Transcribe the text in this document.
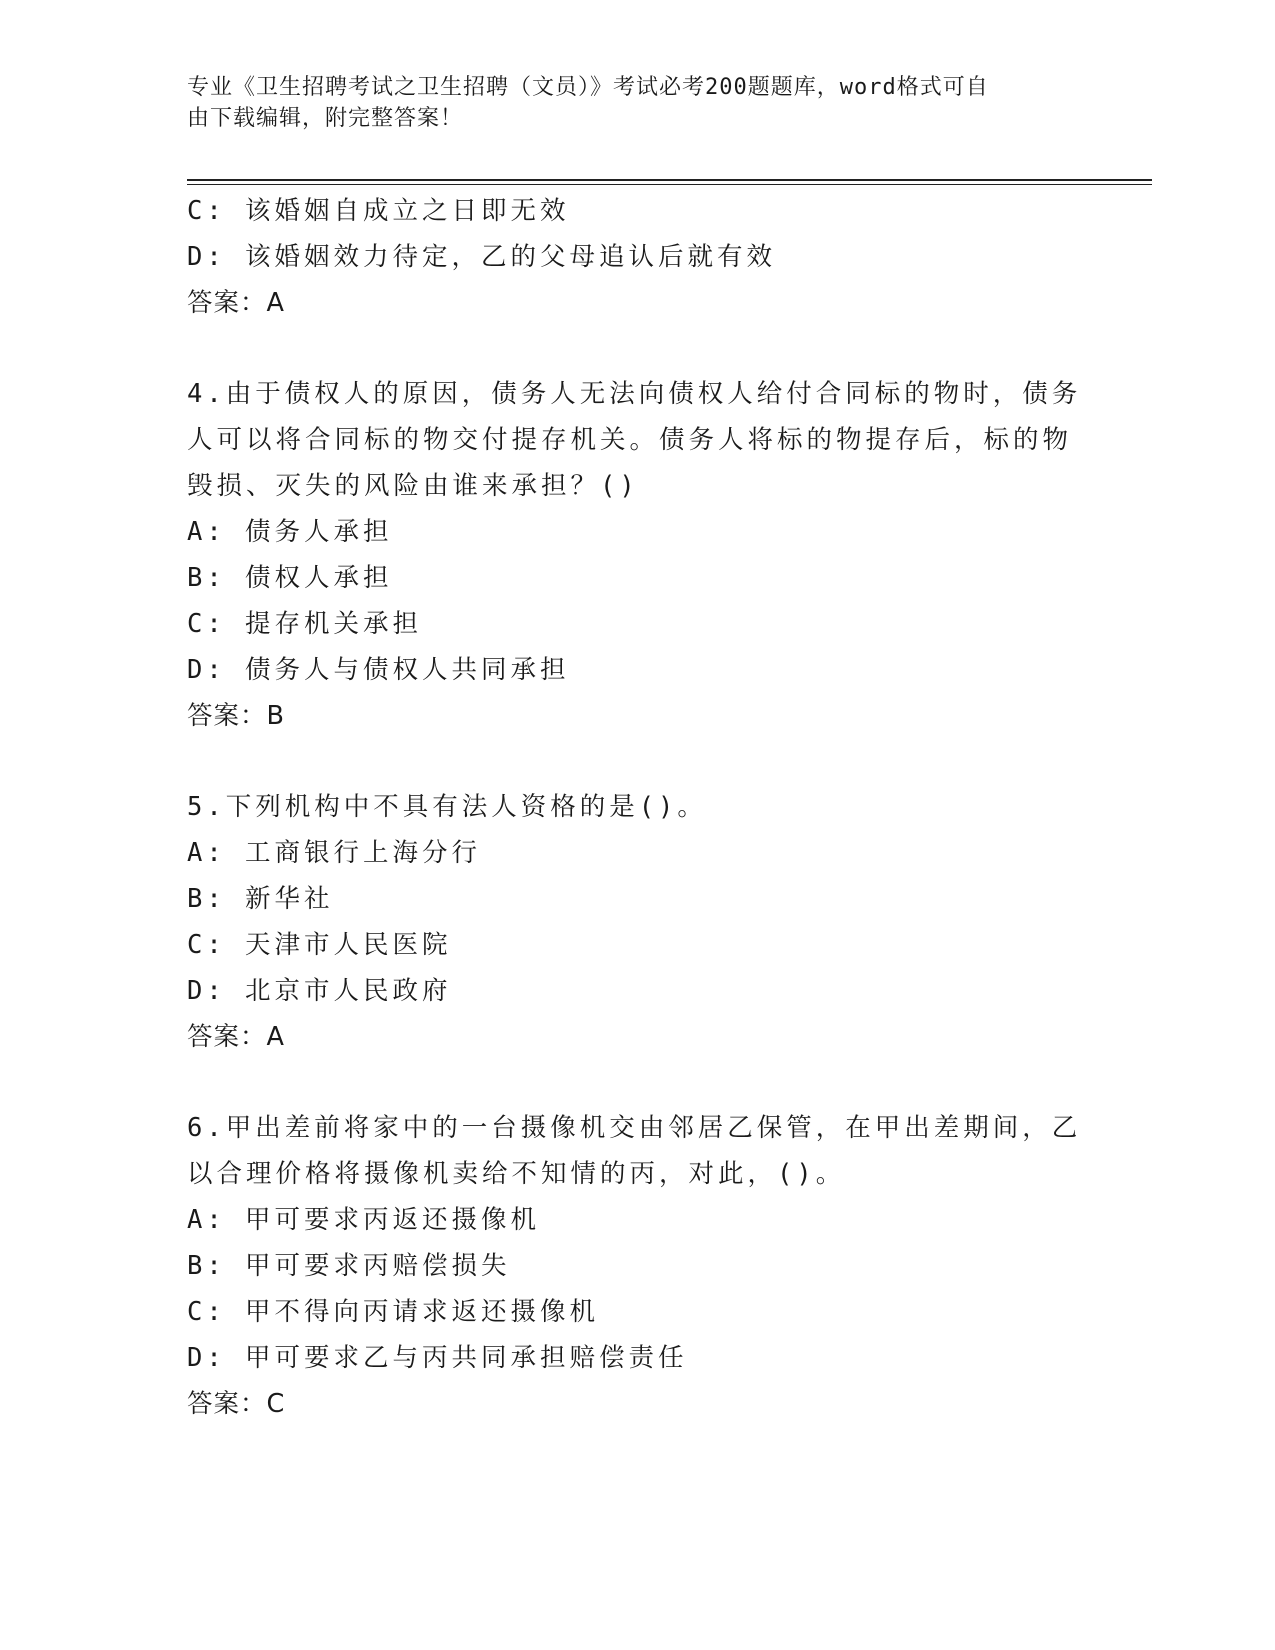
专业《卫生招聘考试之卫生招聘（文员）》考试必考200题题库，word格式可自
由下载编辑，附完整答案！
C: 该婚姻自成立之日即无效
D: 该婚姻效力待定，乙的父母追认后就有效
答案：A
4.由于债权人的原因，债务人无法向债权人给付合同标的物时，债务
人可以将合同标的物交付提存机关。债务人将标的物提存后，标的物
毁损、灭失的风险由谁来承担？()
A: 债务人承担
B: 债权人承担
C: 提存机关承担
D: 债务人与债权人共同承担
答案：B
5.下列机构中不具有法人资格的是()。
A: 工商银行上海分行
B: 新华社
C: 天津市人民医院
D: 北京市人民政府
答案：A
6.甲出差前将家中的一台摄像机交由邻居乙保管，在甲出差期间，乙
以合理价格将摄像机卖给不知情的丙，对此，()。
A: 甲可要求丙返还摄像机
B: 甲可要求丙赔偿损失
C: 甲不得向丙请求返还摄像机
D: 甲可要求乙与丙共同承担赔偿责任
答案：C
